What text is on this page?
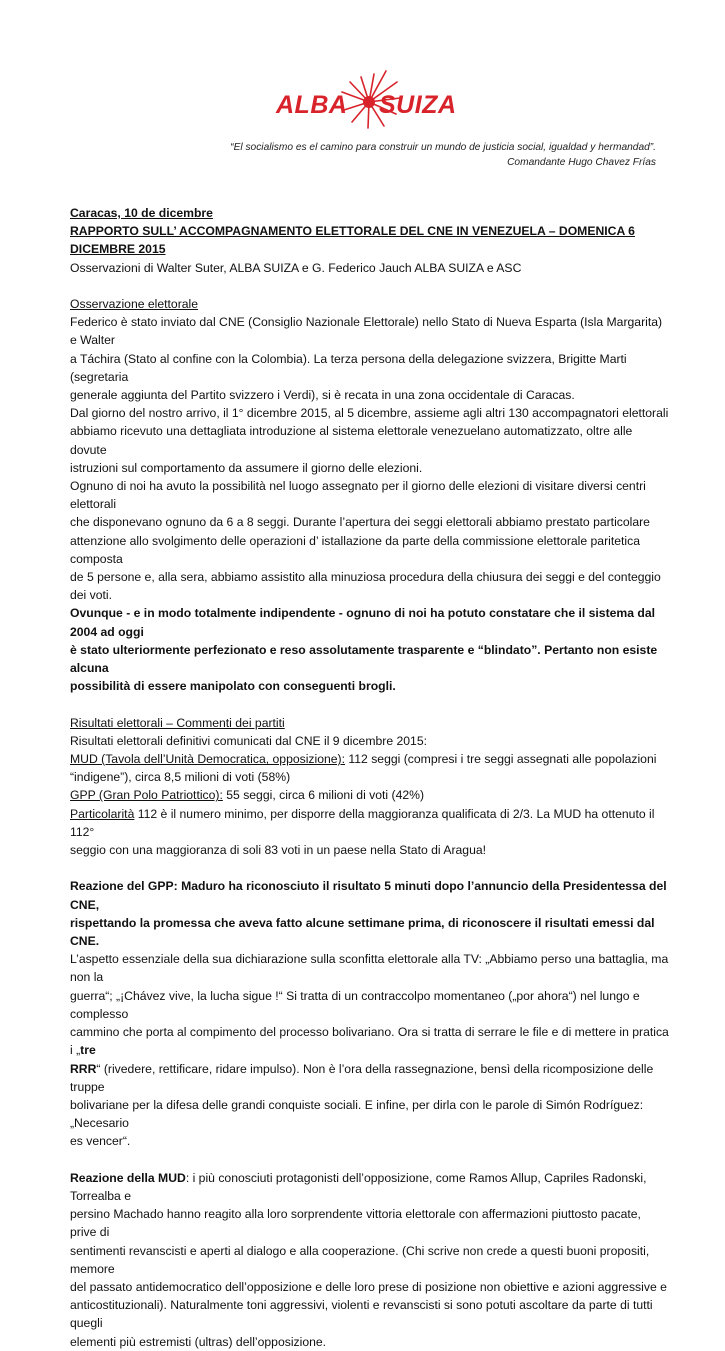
ALBA SUIZA
“El socialismo es el camino para construir un mundo de justicia social, igualdad y hermandad”.
Comandante Hugo Chavez Frías

Caracas, 10 de dicembre

RAPPORTO SULL’ ACCOMPAGNAMENTO ELETTORALE DEL CNE IN VENEZUELA – DOMENICA 6 DICEMBRE 2015

Osservazioni di Walter Suter, ALBA SUIZA e G. Federico Jauch ALBA SUIZA e ASC

Osservazione elettorale

Federico è stato inviato dal CNE (Consiglio Nazionale Elettorale) nello Stato di Nueva Esparta (Isla Margarita) e Walter

a Táchira (Stato al confine con la Colombia). La terza persona della delegazione svizzera, Brigitte Marti (segretaria

generale aggiunta del Partito svizzero i Verdi), si è recata in una zona occidentale di Caracas.

Dal giorno del nostro arrivo, il 1° dicembre 2015, al 5 dicembre, assieme agli altri 130 accompagnatori elettorali

abbiamo ricevuto una dettagliata introduzione al sistema elettorale venezuelano automatizzato, oltre alle dovute

istruzioni sul comportamento da assumere il giorno delle elezioni.

Ognuno di noi ha avuto la possibilità nel luogo assegnato per il giorno delle elezioni di visitare diversi centri elettorali

che disponevano ognuno da 6 a 8 seggi. Durante l’apertura dei seggi elettorali abbiamo prestato particolare

attenzione allo svolgimento delle operazioni d’ istallazione da parte della commissione elettorale paritetica composta

de 5 persone e, alla sera, abbiamo assistito alla minuziosa procedura della chiusura dei seggi e del conteggio dei voti.

Ovunque - e in modo totalmente indipendente - ognuno di noi ha potuto constatare che il sistema dal 2004 ad oggi

è stato ulteriormente perfezionato e reso assolutamente trasparente e “blindato”. Pertanto non esiste alcuna

possibilità di essere manipolato con conseguenti brogli.

Risultati elettorali – Commenti dei partiti

Risultati elettorali definitivi comunicati dal CNE il 9 dicembre 2015:

MUD (Tavola dell’Unità Democratica, opposizione): 112 seggi (compresi i tre seggi assegnati alle popolazioni

“indigene”), circa 8,5 milioni di voti (58%)

GPP (Gran Polo Patriottico): 55 seggi, circa 6 milioni di voti (42%)

Particolarità 112 è il numero minimo, per disporre della maggioranza qualificata di 2/3. La MUD ha ottenuto il 112°

seggio con una maggioranza di soli 83 voti in un paese nella Stato di Aragua!

Reazione del GPP: Maduro ha riconosciuto il risultato 5 minuti dopo l’annuncio della Presidentessa del CNE,

rispettando la promessa che aveva fatto alcune settimane prima, di riconoscere il risultati emessi dal CNE.

L’aspetto essenziale della sua dichiarazione sulla sconfitta elettorale alla TV: „Abbiamo perso una battaglia, ma non la

guerra“; „¡Chávez vive, la lucha sigue !“ Si tratta di un contraccolpo momentaneo („por ahora“) nel lungo e complesso

cammino che porta al compimento del processo bolivariano. Ora si tratta di serrare le file e di mettere in pratica i „tre

RRR“ (rivedere, rettificare, ridare impulso). Non è l’ora della rassegnazione, bensì della ricomposizione delle truppe

bolivariane per la difesa delle grandi conquiste sociali. E infine, per dirla con le parole di Simón Rodríguez: „Necesario

es vencer“.

Reazione della MUD: i più conosciuti protagonisti dell’opposizione, come Ramos Allup, Capriles Radonski, Torrealba e

persino Machado hanno reagito alla loro sorprendente vittoria elettorale con affermazioni piuttosto pacate, prive di

sentimenti revanscisti e aperti al dialogo e alla cooperazione. (Chi scrive non crede a questi buoni propositi, memore

del passato antidemocratico dell’opposizione e delle loro prese di posizione non obiettive e azioni aggressive e

anticostituzionali). Naturalmente toni aggressivi, violenti e revanscisti si sono potuti ascoltare da parte di tutti quegli

elementi più estremisti (ultras) dell’opposizione.
